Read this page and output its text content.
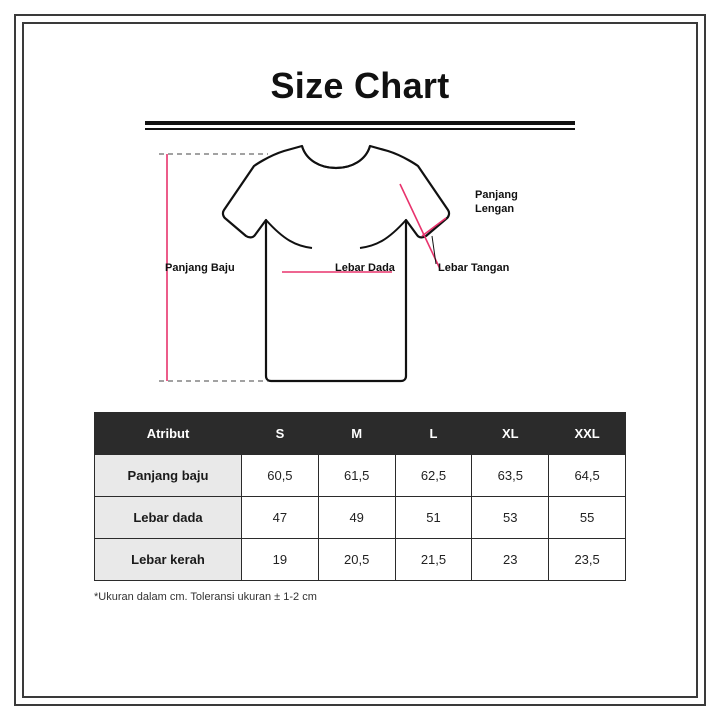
Size Chart
Panjang Baju	Lebar Dada
Panjang
Lengan
Lebar Tangan
Atribut	S	M	L	XL	XXL
Panjang baju	60,5	61,5	62,5	63,5	64,5
Lebar dada	47	49	51	53	55
Lebar kerah	19	20,5	21,5	23	23,5
*Ukuran dalam cm. Toleransi ukuran ± 1-2 cm
